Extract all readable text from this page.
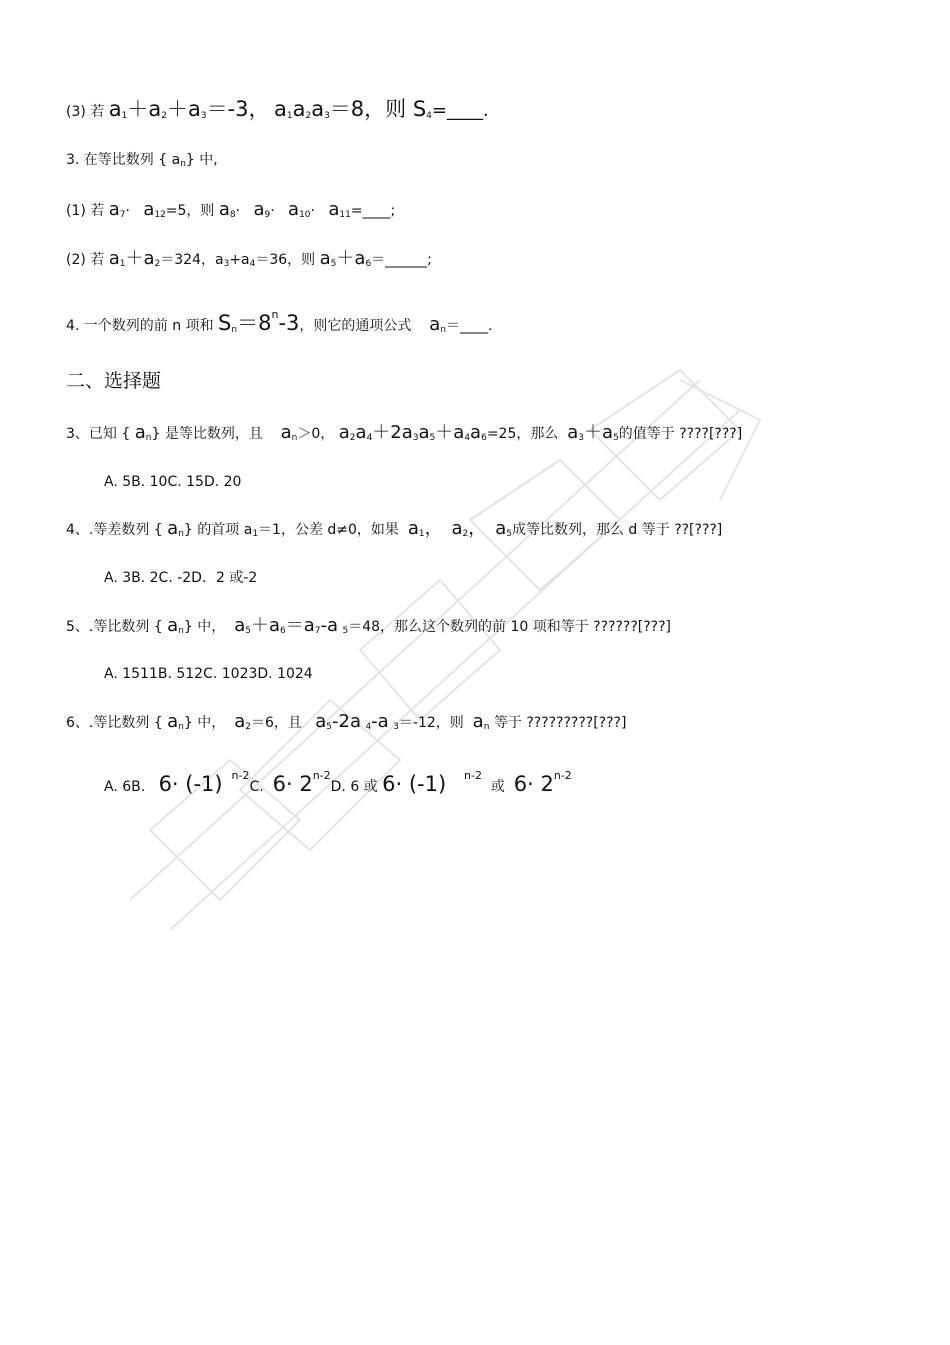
(3) 若 $a_1+a_2+a_3=-3$， $a_1a_2a_3=8$，则 $S_4=\_\_\_\_$.
3. 在等比数列 { $a_n$} 中,
(1) 若 $a_7\cdot a_{12}=5$，则 $a_8\cdot a_9\cdot a_{10}\cdot$ $a_{11}=\_\_\_\_$;
(2) 若 $a_1+a_2=324$，$a_3+a_4=36$，则 $a_5+a_6=\_\_\_\_\_\_$;
4. 一个数列的前 n 项和 $S_n=8^n-3$，则它的通项公式 $a_n=\_\_\_\_$.
二、选择题
3、已知 { $a_n$} 是等比数列，且 $a_n>0$， $a_2a_4+2a_3a_5+a_4a_6=25$，那么 $a_3+a_5$的值等于 ????[???]
A. 5B. 10C. 15D. 20
4、.等差数列 { $a_n$} 的首项 $a_1=1$，公差 d≠0，如果 $a_1$， $a_2$， $a_5$成等比数列，那么 d 等于 ??[???]
A. 3B. 2C. -2D．2 或-2
5、.等比数列 { $a_n$} 中， $a_5+a_6=a_7-a$ $_5$＝48，那么这个数列的前 10 项和等于 ??????[???]
A. 1511B. 512C. 1023D. 1024
6、.等比数列 { $a_n$} 中， $a_2=6$，且 $a_5-2a$ $_4$-a $_3$＝-12，则 $a_n$ 等于 ?????????[???]
A. 6B. 6· (-1) $^{n-2}$C. $6\cdot 2^{n-2}D$. 6 或 6· (-1) $^{n-2}$  或 $6\cdot 2^{n-2}$
